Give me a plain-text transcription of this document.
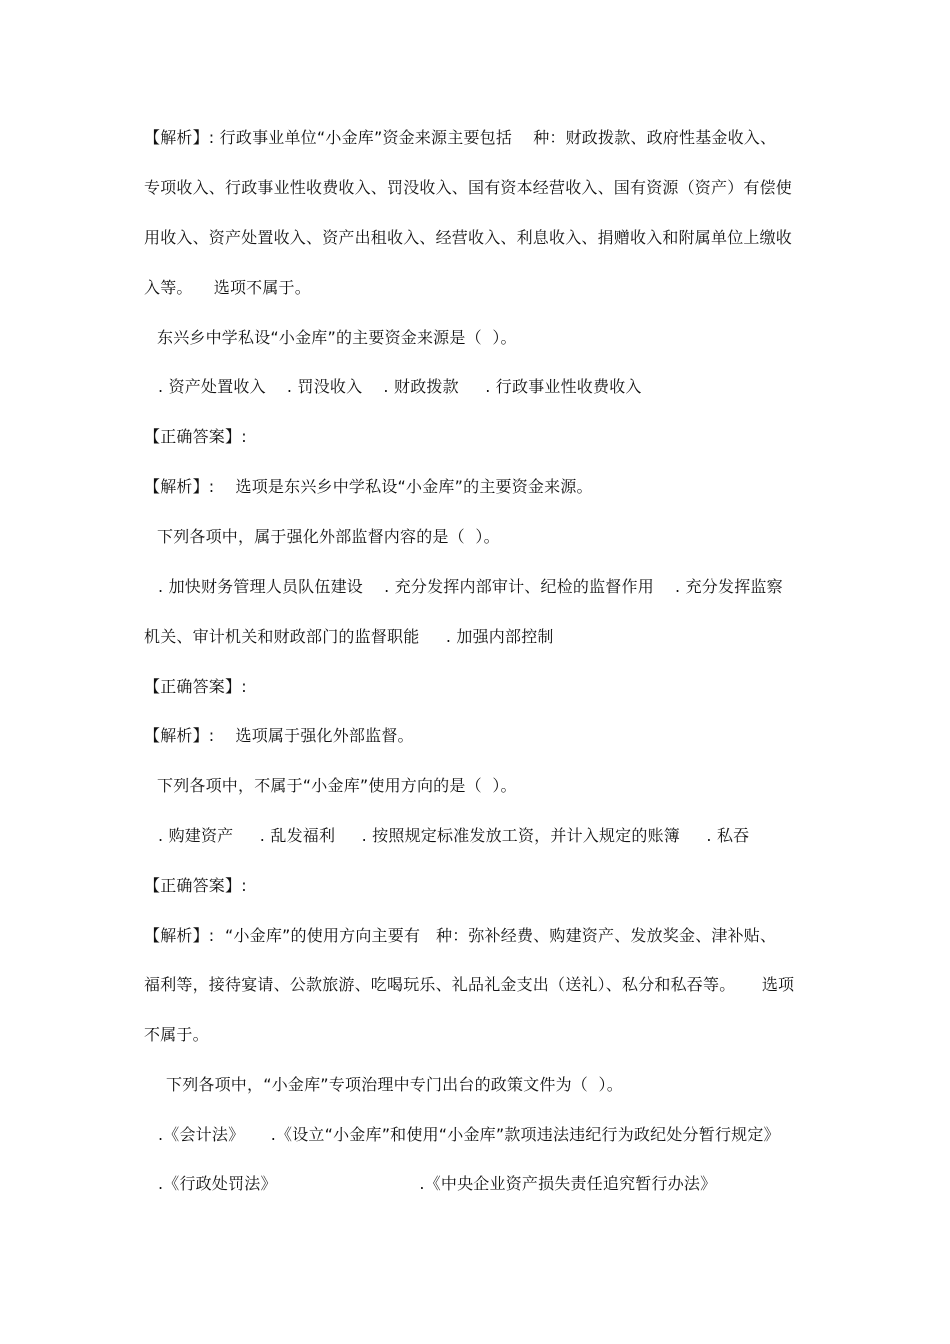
【解析】: 行政事业单位“小金库”资金来源主要包括    种：财政拨款、政府性基金收入、
专项收入、行政事业性收费收入、罚没收入、国有资本经营收入、国有资源（资产）有偿使
用收入、资产处置收入、资产出租收入、经营收入、利息收入、捐赠收入和附属单位上缴收
入等。    选项不属于。
东兴乡中学私设“小金库”的主要资金来源是（  ）。
. 资产处置收入    . 罚没收入    . 财政拨款     . 行政事业性收费收入
【正确答案】:
【解析】:    选项是东兴乡中学私设“小金库”的主要资金来源。
下列各项中，属于强化外部监督内容的是（  ）。
. 加快财务管理人员队伍建设    . 充分发挥内部审计、纪检的监督作用    . 充分发挥监察
机关、审计机关和财政部门的监督职能     . 加强内部控制
【正确答案】:
【解析】:    选项属于强化外部监督。
下列各项中，不属于“小金库”使用方向的是（  ）。
. 购建资产     . 乱发福利     . 按照规定标准发放工资，并计入规定的账簿     . 私吞
【正确答案】:
【解析】:  “小金库”的使用方向主要有   种：弥补经费、购建资产、发放奖金、津补贴、
福利等，接待宴请、公款旅游、吃喝玩乐、礼品礼金支出（送礼）、私分和私吞等。     选项
不属于。
下列各项中，“小金库”专项治理中专门出台的政策文件为（  ）。
.《会计法》     .《设立“小金库”和使用“小金库”款项违法违纪行为政纪处分暂行规定》
.《行政处罚法》                           .《中央企业资产损失责任追究暂行办法》
